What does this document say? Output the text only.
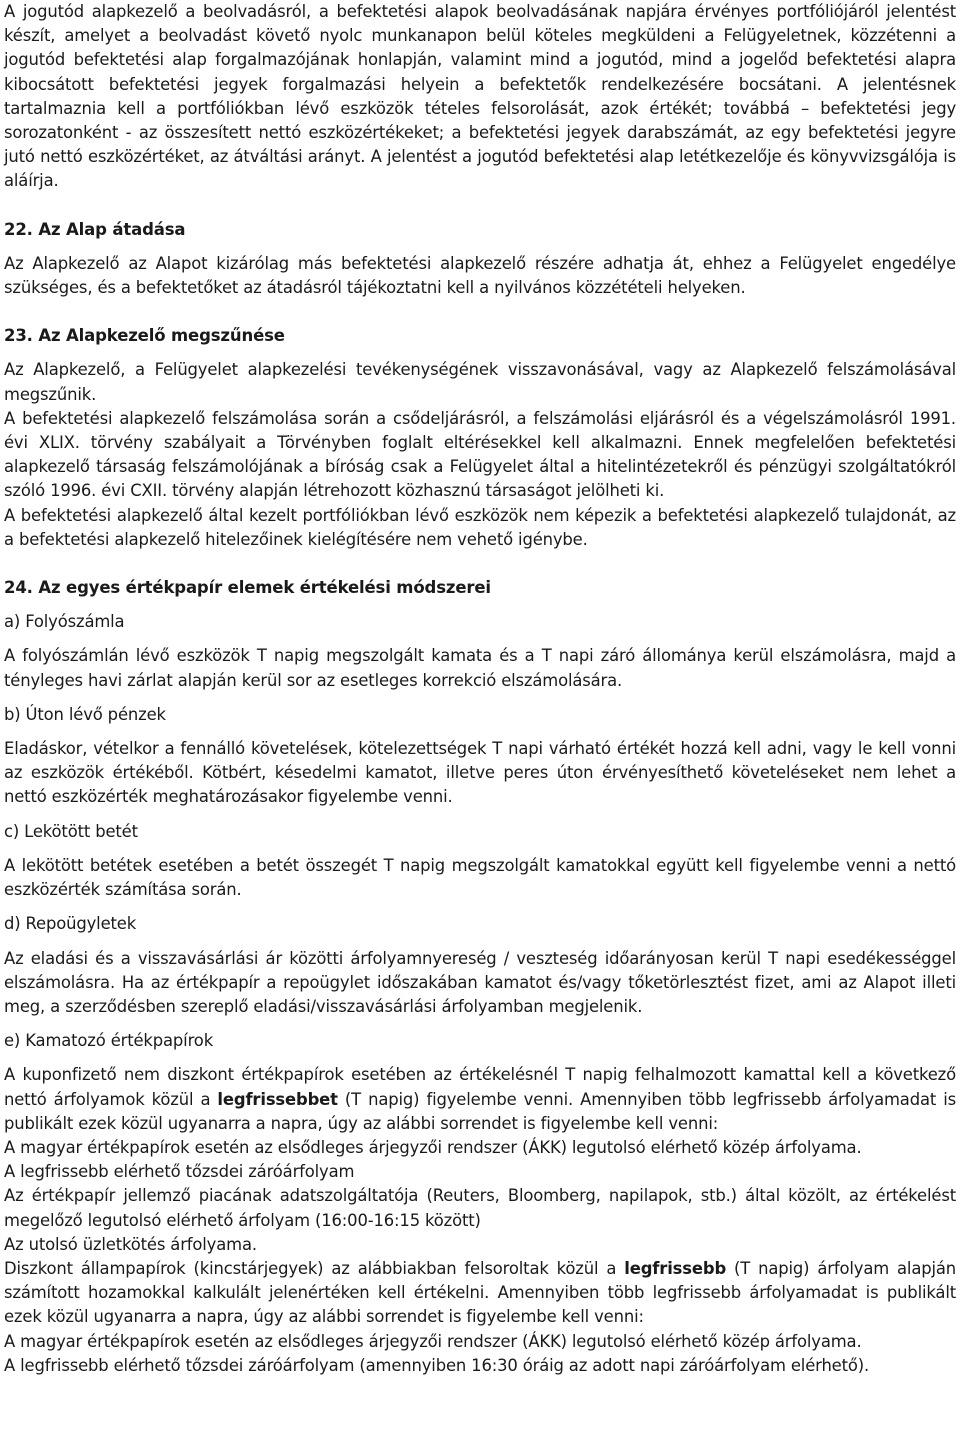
A jogutód alapkezelő a beolvadásról, a befektetési alapok beolvadásának napjára érvényes portfóliójáról jelentést készít, amelyet a beolvadást követő nyolc munkanapon belül köteles megküldeni a Felügyeletnek, közzétenni a jogutód befektetési alap forgalmazójának honlapján, valamint mind a jogutód, mind a jogelőd befektetési alapra kibocsátott befektetési jegyek forgalmazási helyein a befektetők rendelkezésére bocsátani. A jelentésnek tartalmaznia kell a portfóliókban lévő eszközök tételes felsorolását, azok értékét; továbbá – befektetési jegy sorozatonként - az összesített nettó eszközértékeket; a befektetési jegyek darabszámát, az egy befektetési jegyre jutó nettó eszközértéket, az átváltási arányt. A jelentést a jogutód befektetési alap letétkezelője és könyvvizsgálója is aláírja.

22. Az Alap átadása

Az Alapkezelő az Alapot kizárólag más befektetési alapkezelő részére adhatja át, ehhez a Felügyelet engedélye szükséges, és a befektetőket az átadásról tájékoztatni kell a nyilvános közzétételi helyeken.

23. Az Alapkezelő megszűnése

Az Alapkezelő, a Felügyelet alapkezelési tevékenységének visszavonásával, vagy az Alapkezelő felszámolásával megszűnik.

A befektetési alapkezelő felszámolása során a csődeljárásról, a felszámolási eljárásról és a végelszámolásról 1991. évi XLIX. törvény szabályait a Törvényben foglalt eltérésekkel kell alkalmazni. Ennek megfelelően befektetési alapkezelő társaság felszámolójának a bíróság csak a Felügyelet által a hitelintézetekről és pénzügyi szolgáltatókról szóló 1996. évi CXII. törvény alapján létrehozott közhasznú társaságot jelölheti ki.

A befektetési alapkezelő által kezelt portfóliókban lévő eszközök nem képezik a befektetési alapkezelő tulajdonát, az a befektetési alapkezelő hitelezőinek kielégítésére nem vehető igénybe.

24. Az egyes értékpapír elemek értékelési módszerei
a) Folyószámla

A folyószámlán lévő eszközök T napig megszolgált kamata és a T napi záró állománya kerül elszámolásra, majd a tényleges havi zárlat alapján kerül sor az esetleges korrekció elszámolására.

b) Úton lévő pénzek

Eladáskor, vételkor a fennálló követelések, kötelezettségek T napi várható értékét hozzá kell adni, vagy le kell vonni az eszközök értékéből. Kötbért, késedelmi kamatot, illetve peres úton érvényesíthető követeléseket nem lehet a nettó eszközérték meghatározásakor figyelembe venni.

c) Lekötött betét

A lekötött betétek esetében a betét összegét T napig megszolgált kamatokkal együtt kell figyelembe venni a nettó eszközérték számítása során.

d) Repoügyletek

Az eladási és a visszavásárlási ár közötti árfolyamnyereség / veszteség időarányosan kerül T napi esedékességgel elszámolásra. Ha az értékpapír a repoügylet időszakában kamatot és/vagy tőketörlesztést fizet, ami az Alapot illeti meg, a szerződésben szereplő eladási/visszavásárlási árfolyamban megjelenik.

e) Kamatozó értékpapírok

A kuponfizető nem diszkont értékpapírok esetében az értékelésnél T napig felhalmozott kamattal kell a következő nettó árfolyamok közül a legfrissebbet (T napig) figyelembe venni. Amennyiben több legfrissebb árfolyamadat is publikált ezek közül ugyanarra a napra, úgy az alábbi sorrendet is figyelembe kell venni:

A magyar értékpapírok esetén az elsődleges árjegyzői rendszer (ÁKK) legutolsó elérhető közép árfolyama.

A legfrissebb elérhető tőzsdei záróárfolyam

Az értékpapír jellemző piacának adatszolgáltatója (Reuters, Bloomberg, napilapok, stb.) által közölt, az értékelést megelőző legutolsó elérhető árfolyam (16:00-16:15 között)

Az utolsó üzletkötés árfolyama.

Diszkont állampapírok (kincstárjegyek) az alábbiakban felsoroltak közül a legfrissebb (T napig) árfolyam alapján számított hozamokkal kalkulált jelenértéken kell értékelni. Amennyiben több legfrissebb árfolyamadat is publikált ezek közül ugyanarra a napra, úgy az alábbi sorrendet is figyelembe kell venni:

A magyar értékpapírok esetén az elsődleges árjegyzői rendszer (ÁKK) legutolsó elérhető közép árfolyama.

A legfrissebb elérhető tőzsdei záróárfolyam (amennyiben 16:30 óráig az adott napi záróárfolyam elérhető).
